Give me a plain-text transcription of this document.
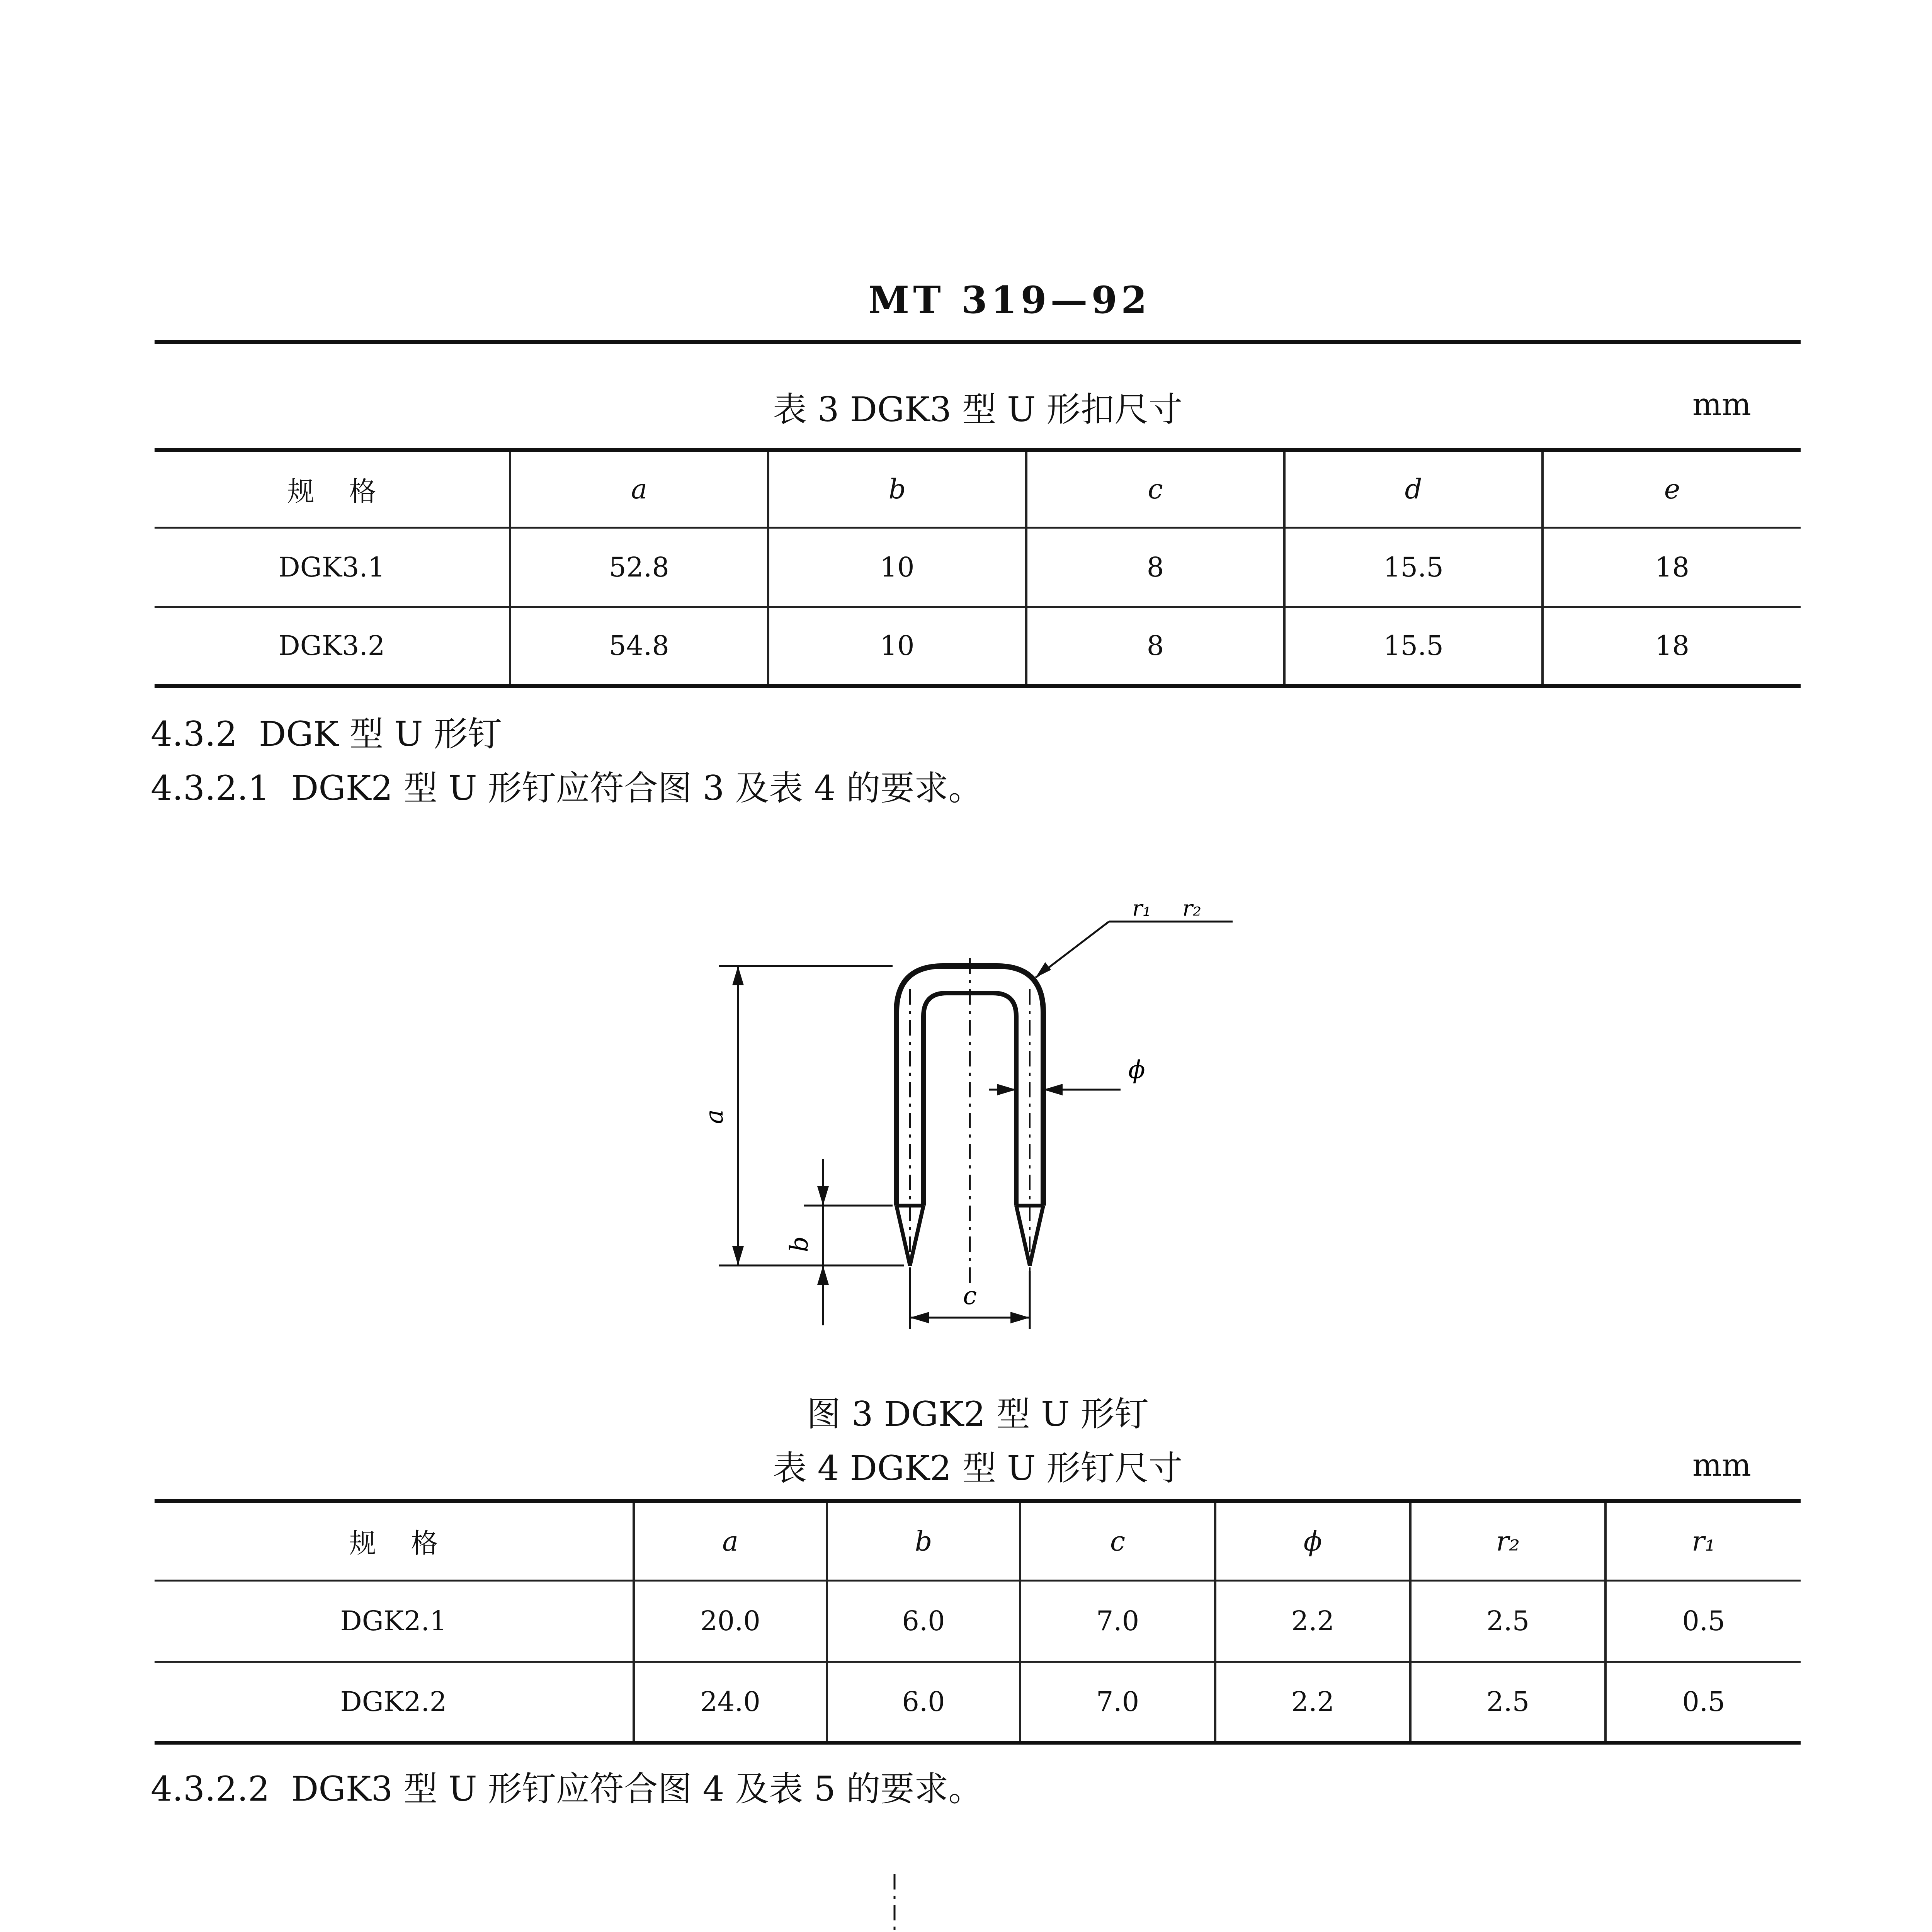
MT 319—92
表 3 DGK3 型 U 形扣尺寸	mm
规格	a	b	c	d	e
DGK3.1	52.8	10	8	15.5	18
DGK3.2	54.8	10	8	15.5	18
4.3.2 DGK 型 U 形钉
4.3.2.1 DGK2 型 U 形钉应符合图 3 及表 4 的要求。
a
b
c
ϕ
r₁ r₂
图 3 DGK2 型 U 形钉
表 4 DGK2 型 U 形钉尺寸	mm
规格	a	b	c	ϕ	r₂	r₁
DGK2.1	20.0	6.0	7.0	2.2	2.5	0.5
DGK2.2	24.0	6.0	7.0	2.2	2.5	0.5
4.3.2.2 DGK3 型 U 形钉应符合图 4 及表 5 的要求。
